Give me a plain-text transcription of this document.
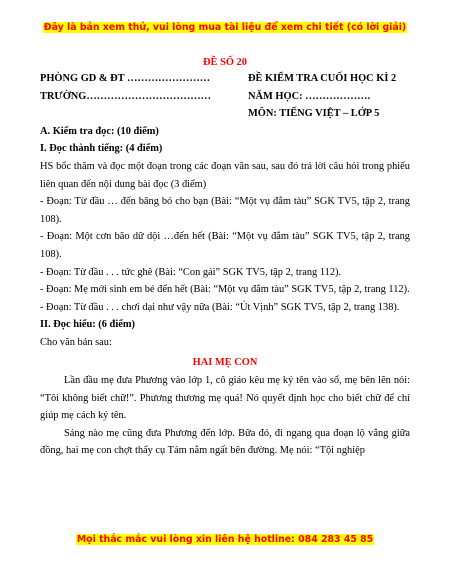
Đây là bản xem thử, vui lòng mua tài liệu để xem chi tiết (có lời giải)
ĐỀ SỐ 20
PHÒNG GD & ĐT ……………………	ĐỀ KIỂM TRA CUỐI HỌC KÌ 2
TRƯỜNG………………………………	NĂM HỌC: ……………….
MÔN: TIẾNG VIỆT – LỚP 5

A. Kiểm tra đọc: (10 điểm)

I. Đọc thành tiếng: (4 điểm)

HS bốc thăm và đọc một đoạn trong các đoạn văn sau, sau đó trả lời câu hỏi trong phiếu liên quan đến nội dung bài đọc (3 điểm)

- Đoạn: Từ đầu … đến băng bó cho bạn (Bài: “Một vụ đắm tàu” SGK TV5, tập 2, trang 108).

- Đoạn: Một cơn bão dữ dội …đến hết (Bài: “Một vụ đắm tàu” SGK TV5, tập 2, trang 108).

- Đoạn: Từ đầu . . . tức ghê (Bài: “Con gái” SGK TV5, tập 2, trang 112).

- Đoạn: Mẹ mới sinh em bé đến hết (Bài: “Một vụ đắm tàu” SGK TV5, tập 2, trang 112).

- Đoạn: Từ đầu . . . chơi dại như vậy nữa (Bài: “Út Vịnh” SGK TV5, tập 2, trang 138).

II. Đọc hiểu: (6 điểm)

Cho văn bản sau:

HAI MẸ CON

Lần đầu mẹ đưa Phương vào lớp 1, cô giáo kêu mẹ ký tên vào sổ, mẹ bẽn lẽn nói: “Tôi không biết chữ!”. Phương thương mẹ quá! Nó quyết định học cho biết chữ để chỉ giúp mẹ cách ký tên.

Sáng nào mẹ cũng đưa Phương đến lớp. Bữa đó, đi ngang qua đoạn lộ vắng giữa đồng, hai mẹ con chợt thấy cụ Tám nằm ngất bên đường. Mẹ nói: “Tội nghiệp

Mọi thắc mắc vui lòng xin liên hệ hotline: 084 283 45 85
